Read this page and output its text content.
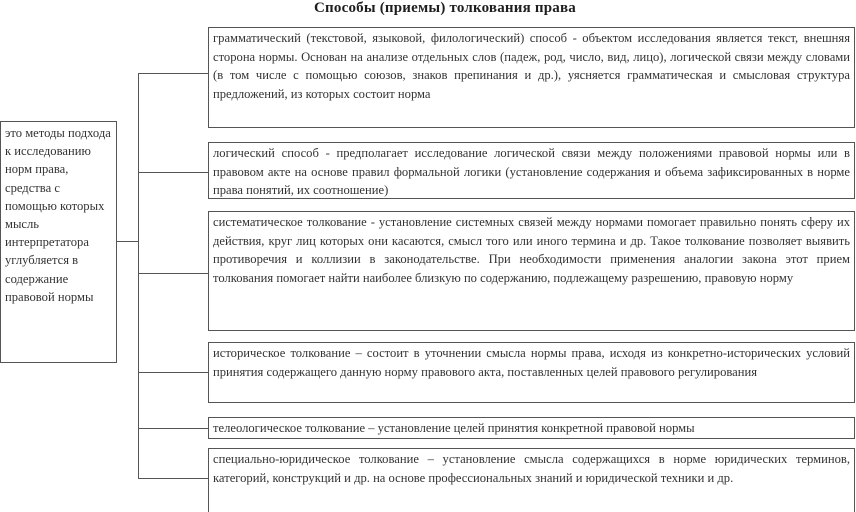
Способы (приемы) толкования права
это методы подхода к исследованию норм права, средства с помощью которых мысль интерпретатора углубляется в содержание правовой нормы
грамматический (текстовой, языковой, филологический) способ - объектом исследования является текст, внешняя сторона нормы. Основан на анализе отдельных слов (падеж, род, число, вид, лицо), логической связи между словами (в том числе с помощью союзов, знаков препинания и др.), уясняется грамматическая и смысловая структура предложений, из которых состоит норма
логический способ - предполагает исследование логической связи между положениями правовой нормы или в правовом акте на основе правил формальной логики (установление содержания и объема зафиксированных в норме права понятий, их соотношение)
систематическое толкование - установление системных связей между нормами помогает правильно понять сферу их действия, круг лиц которых они касаются, смысл того или иного термина и др. Такое толкование позволяет выявить противоречия и коллизии в законодательстве. При необходимости применения аналогии закона этот прием толкования помогает найти наиболее близкую по содержанию, подлежащему разрешению, правовую норму
историческое толкование – состоит в уточнении смысла нормы права, исходя из конкретно-исторических условий принятия содержащего данную норму правового акта, поставленных целей правового регулирования
телеологическое толкование – установление целей принятия конкретной правовой нормы
специально-юридическое толкование – установление смысла содержащихся в норме юридических терминов, категорий, конструкций и др. на основе профессиональных знаний и юридической техники и др.
